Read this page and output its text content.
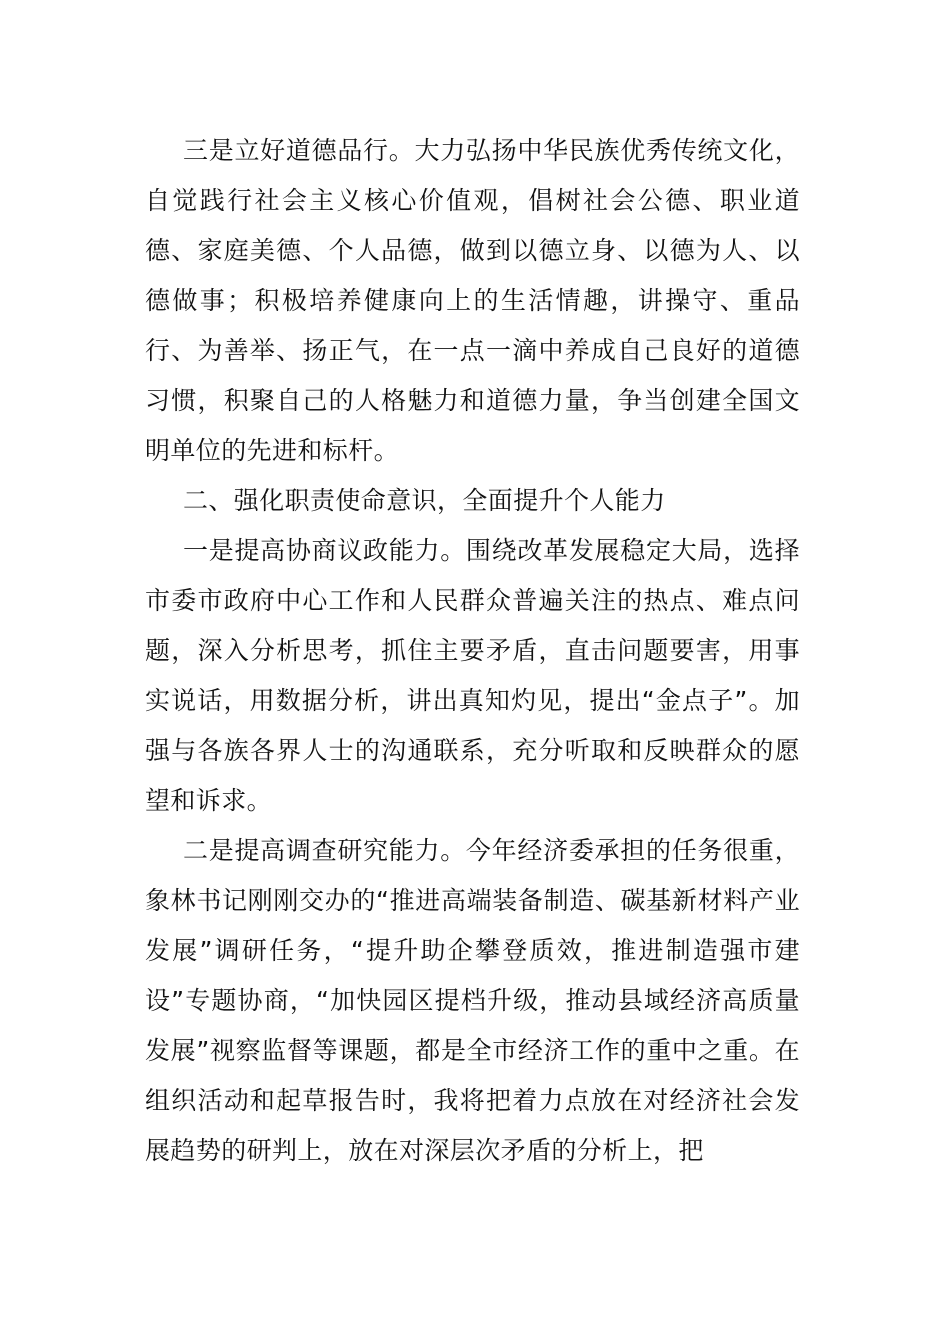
三是立好道德品行。大力弘扬中华民族优秀传统文化，自觉践行社会主义核心价值观，倡树社会公德、职业道德、家庭美德、个人品德，做到以德立身、以德为人、以德做事；积极培养健康向上的生活情趣，讲操守、重品行、为善举、扬正气，在一点一滴中养成自己良好的道德习惯，积聚自己的人格魅力和道德力量，争当创建全国文明单位的先进和标杆。

二、强化职责使命意识，全面提升个人能力

一是提高协商议政能力。围绕改革发展稳定大局，选择市委市政府中心工作和人民群众普遍关注的热点、难点问题，深入分析思考，抓住主要矛盾，直击问题要害，用事实说话，用数据分析，讲出真知灼见，提出“金点子”。加强与各族各界人士的沟通联系，充分听取和反映群众的愿望和诉求。

二是提高调查研究能力。今年经济委承担的任务很重，象林书记刚刚交办的“推进高端装备制造、碳基新材料产业发展”调研任务，“提升助企攀登质效，推进制造强市建设”专题协商，“加快园区提档升级，推动县域经济高质量发展”视察监督等课题，都是全市经济工作的重中之重。在组织活动和起草报告时，我将把着力点放在对经济社会发展趋势的研判上，放在对深层次矛盾的分析上，把
